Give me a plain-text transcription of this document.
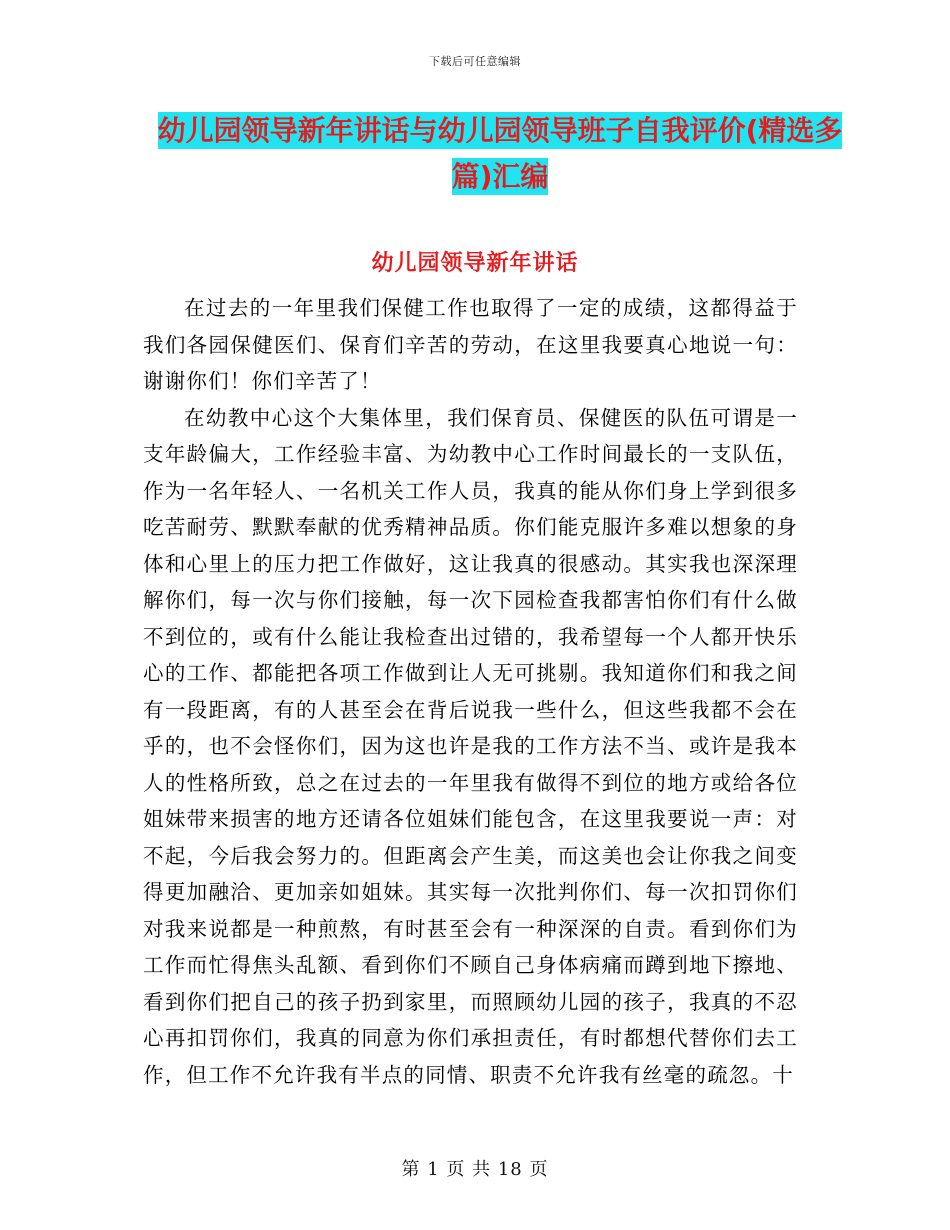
下载后可任意编辑
幼儿园领导新年讲话与幼儿园领导班子自我评价(精选多篇)汇编
幼儿园领导新年讲话

在过去的一年里我们保健工作也取得了一定的成绩，这都得益于我们各园保健医们、保育们辛苦的劳动，在这里我要真心地说一句：谢谢你们！你们辛苦了！

在幼教中心这个大集体里，我们保育员、保健医的队伍可谓是一支年龄偏大，工作经验丰富、为幼教中心工作时间最长的一支队伍，作为一名年轻人、一名机关工作人员，我真的能从你们身上学到很多吃苦耐劳、默默奉献的优秀精神品质。你们能克服许多难以想象的身体和心里上的压力把工作做好，这让我真的很感动。其实我也深深理解你们，每一次与你们接触，每一次下园检查我都害怕你们有什么做不到位的，或有什么能让我检查出过错的，我希望每一个人都开快乐心的工作、都能把各项工作做到让人无可挑剔。我知道你们和我之间有一段距离，有的人甚至会在背后说我一些什么，但这些我都不会在乎的，也不会怪你们，因为这也许是我的工作方法不当、或许是我本人的性格所致，总之在过去的一年里我有做得不到位的地方或给各位姐妹带来损害的地方还请各位姐妹们能包含，在这里我要说一声：对不起，今后我会努力的。但距离会产生美，而这美也会让你我之间变得更加融洽、更加亲如姐妹。其实每一次批判你们、每一次扣罚你们对我来说都是一种煎熬，有时甚至会有一种深深的自责。看到你们为工作而忙得焦头乱额、看到你们不顾自己身体病痛而蹲到地下擦地、看到你们把自己的孩子扔到家里，而照顾幼儿园的孩子，我真的不忍心再扣罚你们，我真的同意为你们承担责任，有时都想代替你们去工作，但工作不允许我有半点的同情、职责不允许我有丝毫的疏忽。十

第 1 页 共 18 页
